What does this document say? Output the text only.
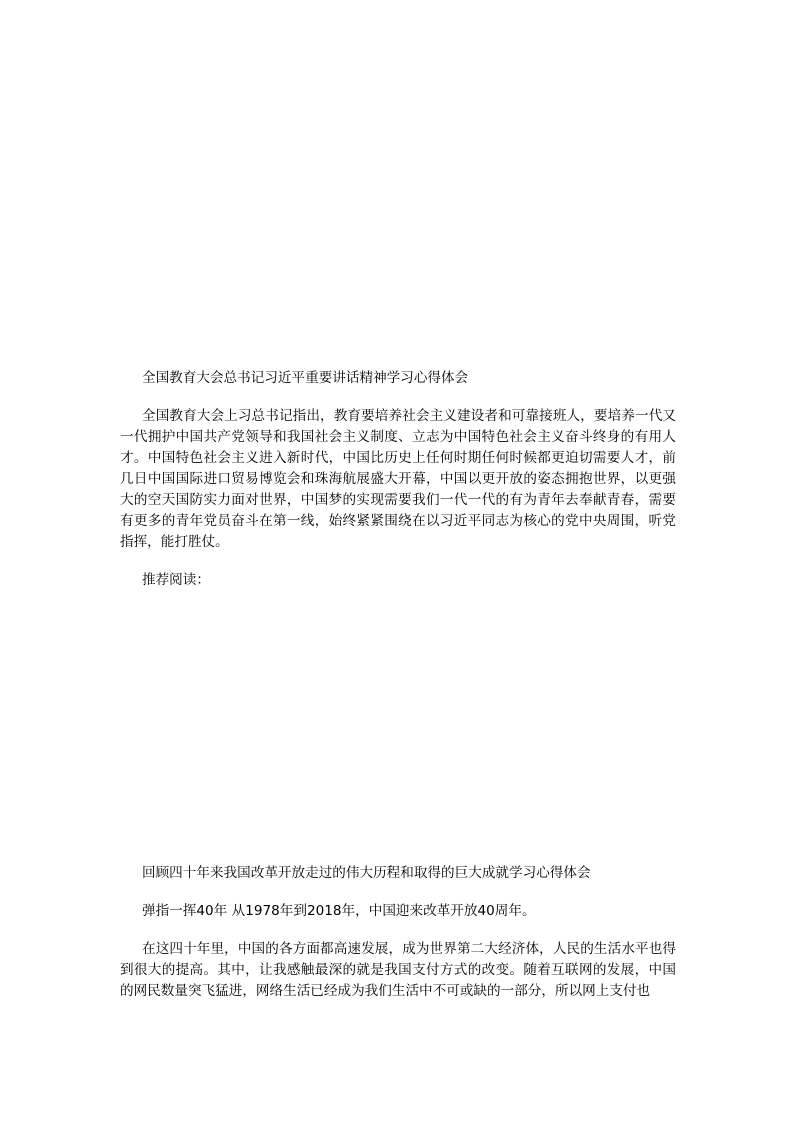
全国教育大会总书记习近平重要讲话精神学习心得体会

全国教育大会上习总书记指出，教育要培养社会主义建设者和可靠接班人，要培养一代又一代拥护中国共产党领导和我国社会主义制度、立志为中国特色社会主义奋斗终身的有用人才。中国特色社会主义进入新时代，中国比历史上任何时期任何时候都更迫切需要人才，前几日中国国际进口贸易博览会和珠海航展盛大开幕，中国以更开放的姿态拥抱世界，以更强大的空天国防实力面对世界，中国梦的实现需要我们一代一代的有为青年去奉献青春，需要有更多的青年党员奋斗在第一线，始终紧紧围绕在以习近平同志为核心的党中央周围，听党指挥，能打胜仗。

推荐阅读：

回顾四十年来我国改革开放走过的伟大历程和取得的巨大成就学习心得体会

弹指一挥40年 从1978年到2018年，中国迎来改革开放40周年。

在这四十年里，中国的各方面都高速发展，成为世界第二大经济体，人民的生活水平也得到很大的提高。其中，让我感触最深的就是我国支付方式的改变。随着互联网的发展，中国的网民数量突飞猛进，网络生活已经成为我们生活中不可或缺的一部分，所以网上支付也
